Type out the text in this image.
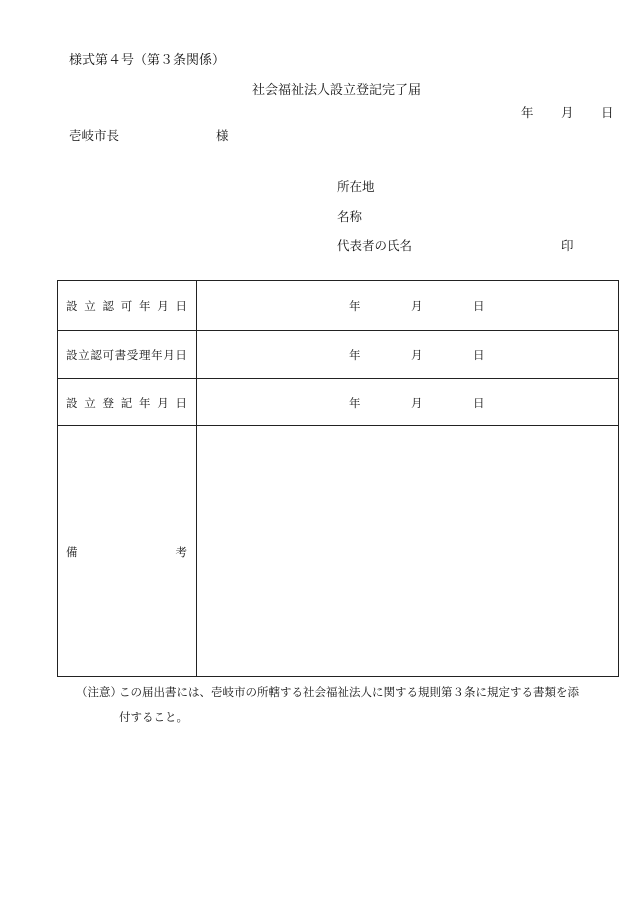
様式第４号（第３条関係）
社会福祉法人設立登記完了届
年 月 日
壱岐市長	様
所在地
名称
代表者の氏名	印
設 立 認 可 年 月 日	年	月	日
設 立 認 可 書 受 理 年 月 日	年	月	日
設 立 登 記 年 月 日	年	月	日
備	考
（注意）
この届出書には、壱岐市の所轄する社会福祉法人に関する規則第３条に規定する書類を添
付すること。
